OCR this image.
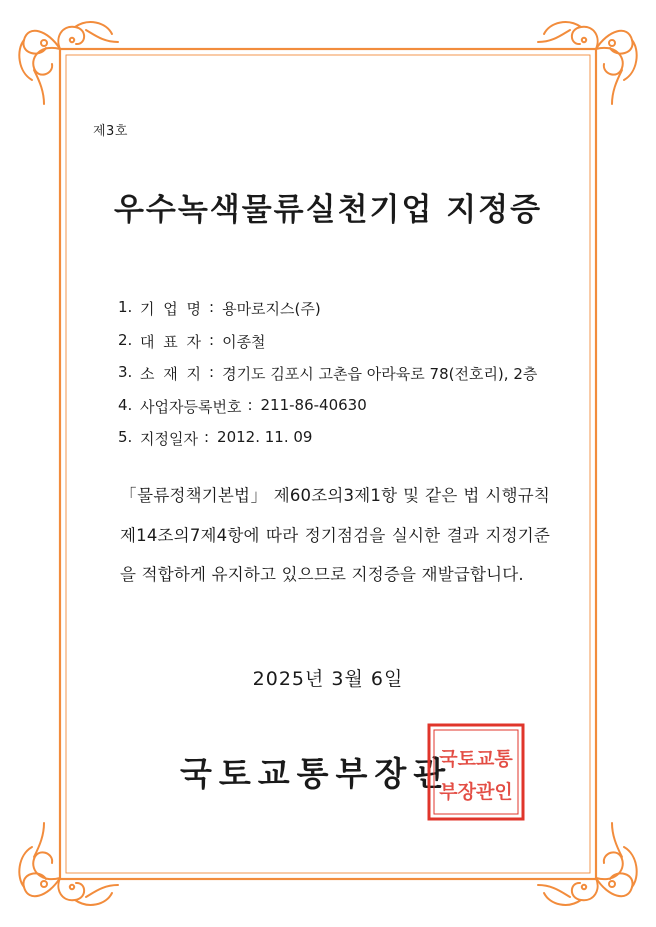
제3호
우수녹색물류실천기업 지정증
1. 기 업 명 : 용마로지스(주)
2. 대 표 자 : 이종철
3. 소 재 지 : 경기도 김포시 고촌읍 아라육로 78(전호리), 2층
4. 사업자등록번호 : 211-86-40630
5. 지정일자 : 2012. 11. 09

「물류정책기본법」 제60조의3제1항 및 같은 법 시행규칙 제14조의7제4항에 따라 정기점검을 실시한 결과 지정기준을 적합하게 유지하고 있으므로 지정증을 재발급합니다.

2025년 3월 6일
국토교통부장관
국토교통
부장관인
